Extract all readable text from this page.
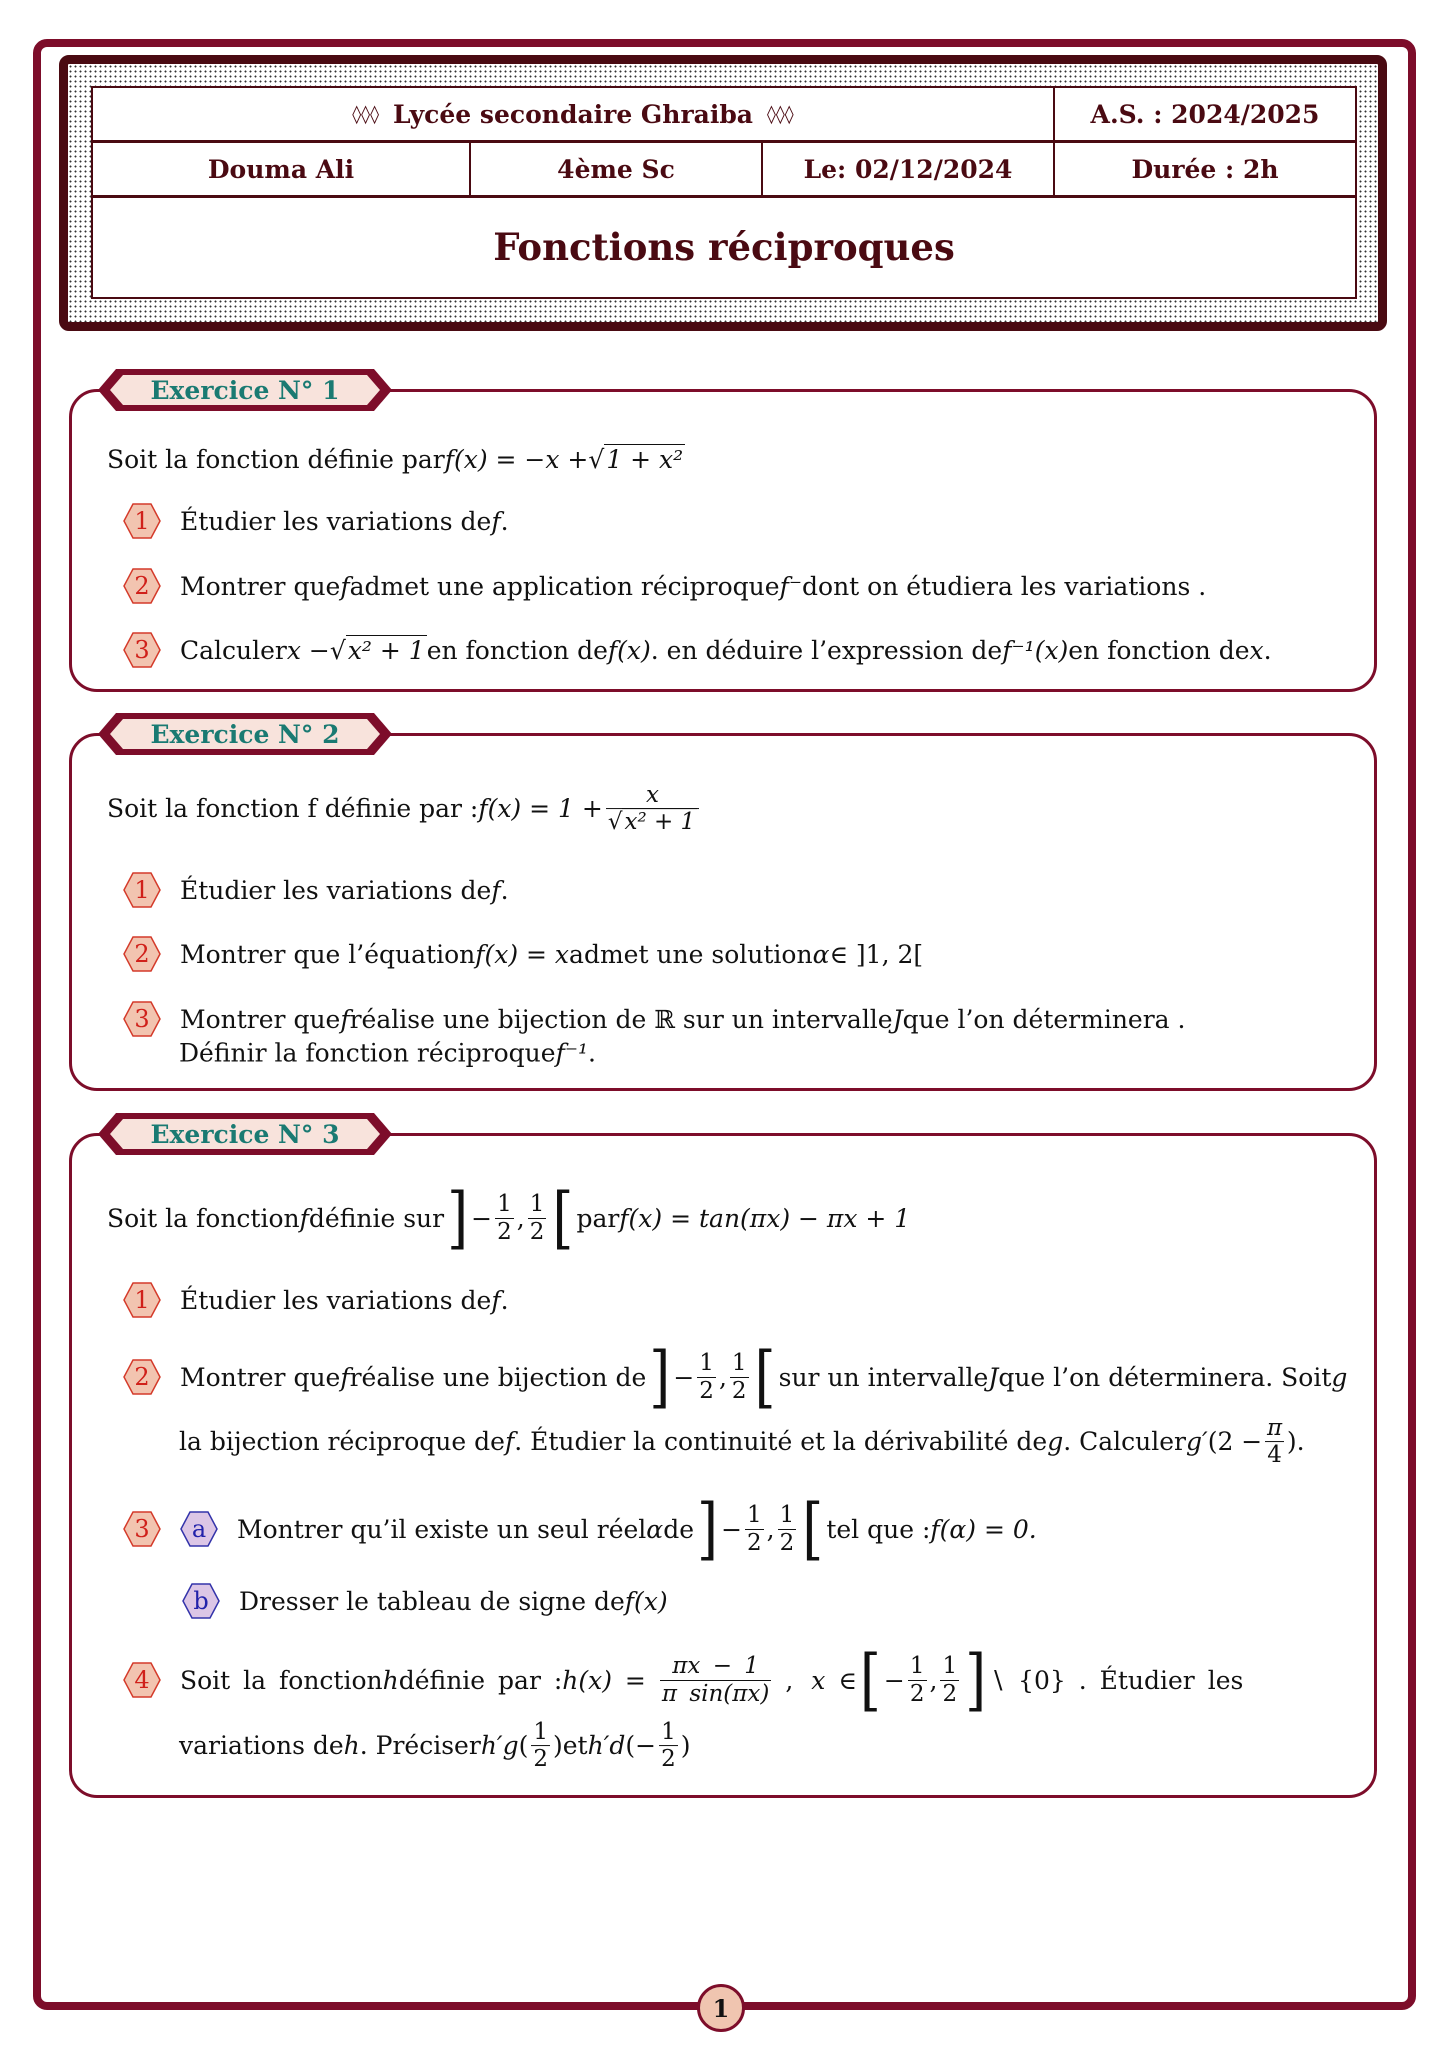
◊◊◊ Lycée secondaire Ghraiba ◊◊◊	A.S. : 2024/2025
Douma Ali	4ème Sc	Le: 02/12/2024	Durée : 2h
Fonctions réciproques
Exercice N° 1
Soit la fonction définie par f(x) = −x + √ 1 + x²
1 Étudier les variations de f .
2 Montrer que f admet une application réciproque f⁻ dont on étudiera les variations .
3 Calculer x − √ x² + 1 en fonction de f(x) . en déduire l’expression de f⁻¹(x) en fonction de x .
Exercice N° 2
Soit la fonction f définie par : $f(x) = 1 + \frac{x}{\text{√x² + 1}}$
1 Étudier les variations de f .
2 Montrer que l’équation f(x) = x admet une solution α ∈ ]1, 2[
3 Montrer que f réalise une bijection de ℝ sur un intervalle J que l’on déterminera .
Définir la fonction réciproque f⁻¹ .
Exercice N° 3
Soit la fonction f définie sur ] − $\frac{1}{2}$ , $\frac{1}{2}$ [ par f(x) = tan(πx) − πx + 1
1 Étudier les variations de f .
2 Montrer que f réalise une bijection de ] − $\frac{1}{2}$ , $\frac{1}{2}$ [ sur un intervalle J que l’on déterminera. Soit g
la bijection réciproque de f . Étudier la continuité et la dérivabilité de g . Calculer g′ ($2 - \frac{\pi}{4}$ ).
3 a Montrer qu’il existe un seul réel α de ] − $\frac{1}{2}$ , $\frac{1}{2}$ [ tel que : f(α) = 0.
b Dresser le tableau de signe de f(x)
4 Soit la fonction h définie par : $h(x) = \frac{\pi x - 1}{\text{π sin(πx)}}$ , x ∈ [ − $\frac{1}{2}$ , $\frac{1}{2}$ ] ∖ {0} . Étudier les
variations de h . Préciser h′g ( $\frac{1}{2}$ ) et h′d (− $\frac{1}{2}$ )
1
